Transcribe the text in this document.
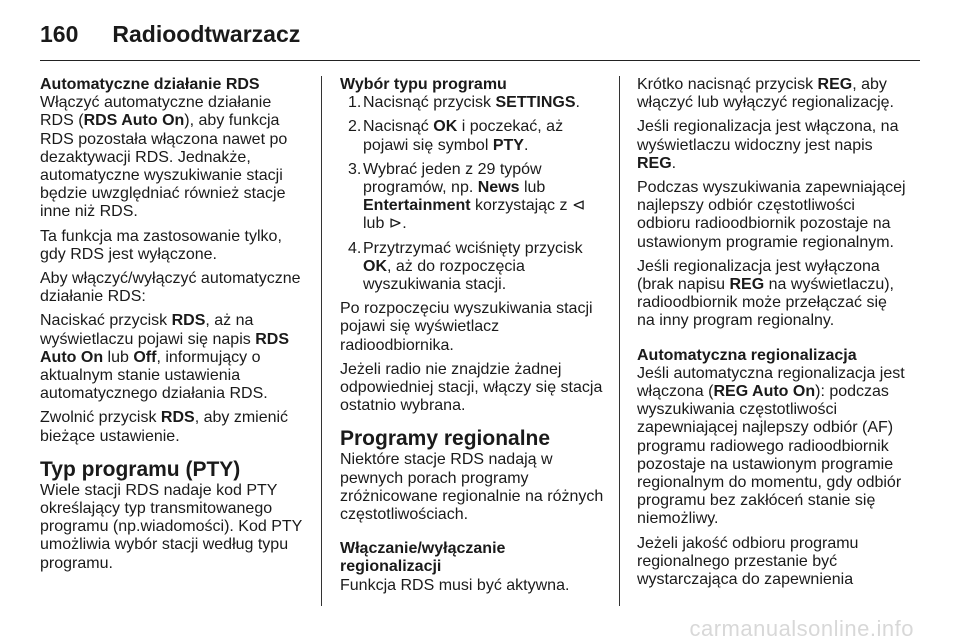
160 Radioodtwarzacz
Automatyczne działanie RDS

Włączyć automatyczne działanie RDS (RDS Auto On), aby funkcja RDS pozostała włączona nawet po dezaktywacji RDS. Jednakże, automatyczne wyszukiwanie stacji będzie uwzględniać również stacje inne niż RDS.

Ta funkcja ma zastosowanie tylko, gdy RDS jest wyłączone.

Aby włączyć/wyłączyć automatyczne działanie RDS:

Naciskać przycisk RDS, aż na wyświetlaczu pojawi się napis RDS Auto On lub Off, informujący o aktualnym stanie ustawienia automatycznego działania RDS.

Zwolnić przycisk RDS, aby zmienić bieżące ustawienie.

Typ programu (PTY)

Wiele stacji RDS nadaje kod PTY określający typ transmitowanego programu (np.wiadomości). Kod PTY umożliwia wybór stacji według typu programu.

Wybór typu programu
1. Nacisnąć przycisk SETTINGS.
2. Nacisnąć OK i poczekać, aż pojawi się symbol PTY.
3. Wybrać jeden z 29 typów programów, np. News lub Entertainment korzystając z ⊲ lub ⊳.
4. Przytrzymać wciśnięty przycisk OK, aż do rozpoczęcia wyszukiwania stacji.

Po rozpoczęciu wyszukiwania stacji pojawi się wyświetlacz radioodbiornika.

Jeżeli radio nie znajdzie żadnej odpowiedniej stacji, włączy się stacja ostatnio wybrana.

Programy regionalne

Niektóre stacje RDS nadają w pewnych porach programy zróżnicowane regionalnie na różnych częstotliwościach.

Włączanie/wyłączanie regionalizacji

Funkcja RDS musi być aktywna.

Krótko nacisnąć przycisk REG, aby włączyć lub wyłączyć regionalizację.

Jeśli regionalizacja jest włączona, na wyświetlaczu widoczny jest napis REG.

Podczas wyszukiwania zapewniającej najlepszy odbiór częstotliwości odbioru radioodbiornik pozostaje na ustawionym programie regionalnym.

Jeśli regionalizacja jest wyłączona (brak napisu REG na wyświetlaczu), radioodbiornik może przełączać się na inny program regionalny.

Automatyczna regionalizacja

Jeśli automatyczna regionalizacja jest włączona (REG Auto On): podczas wyszukiwania częstotliwości zapewniającej najlepszy odbiór (AF) programu radiowego radioodbiornik pozostaje na ustawionym programie regionalnym do momentu, gdy odbiór programu bez zakłóceń stanie się niemożliwy.

Jeżeli jakość odbioru programu regionalnego przestanie być wystarczająca do zapewnienia

carmanualsonline.info
